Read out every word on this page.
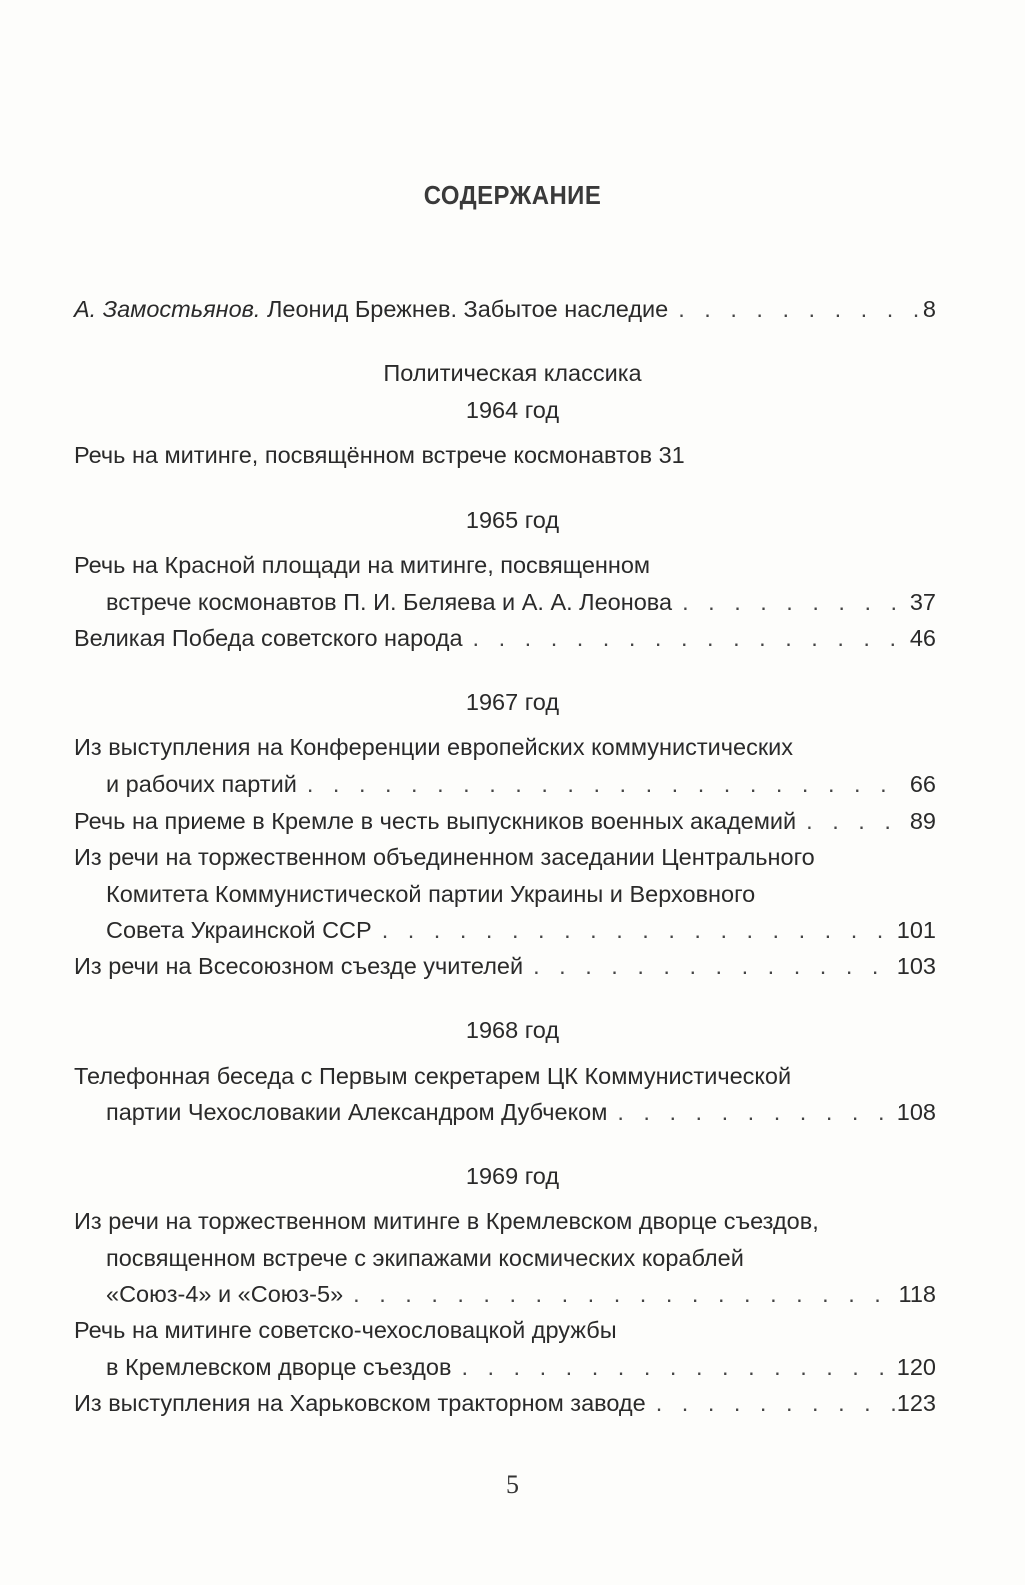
СОДЕРЖАНИЕ
А. Замостьянов. Леонид Брежнев. Забытое наследие . . .	8
Политическая классика
1964 год
Речь на митинге, посвящённом встрече космонавтов 31
1965 год
Речь на Красной площади на митинге, посвященном
встрече космонавтов П. И. Беляева и А. А. Леонова . . .	37
Великая Победа советского народа . . .	46
1967 год
Из выступления на Конференции европейских коммунистических
и рабочих партий . . .	66
Речь на приеме в Кремле в честь выпускников военных академий . . .	89
Из речи на торжественном объединенном заседании Центрального
Комитета Коммунистической партии Украины и Верховного
Совета Украинской ССР . . .	101
Из речи на Всесоюзном съезде учителей . . .	103
1968 год
Телефонная беседа с Первым секретарем ЦК Коммунистической
партии Чехословакии Александром Дубчеком . . .	108
1969 год
Из речи на торжественном митинге в Кремлевском дворце съездов,
посвященном встрече с экипажами космических кораблей
«Союз-4» и «Союз-5» . . .	118
Речь на митинге советско-чехословацкой дружбы
в Кремлевском дворце съездов . . .	120
Из выступления на Харьковском тракторном заводе . . .	123
5
